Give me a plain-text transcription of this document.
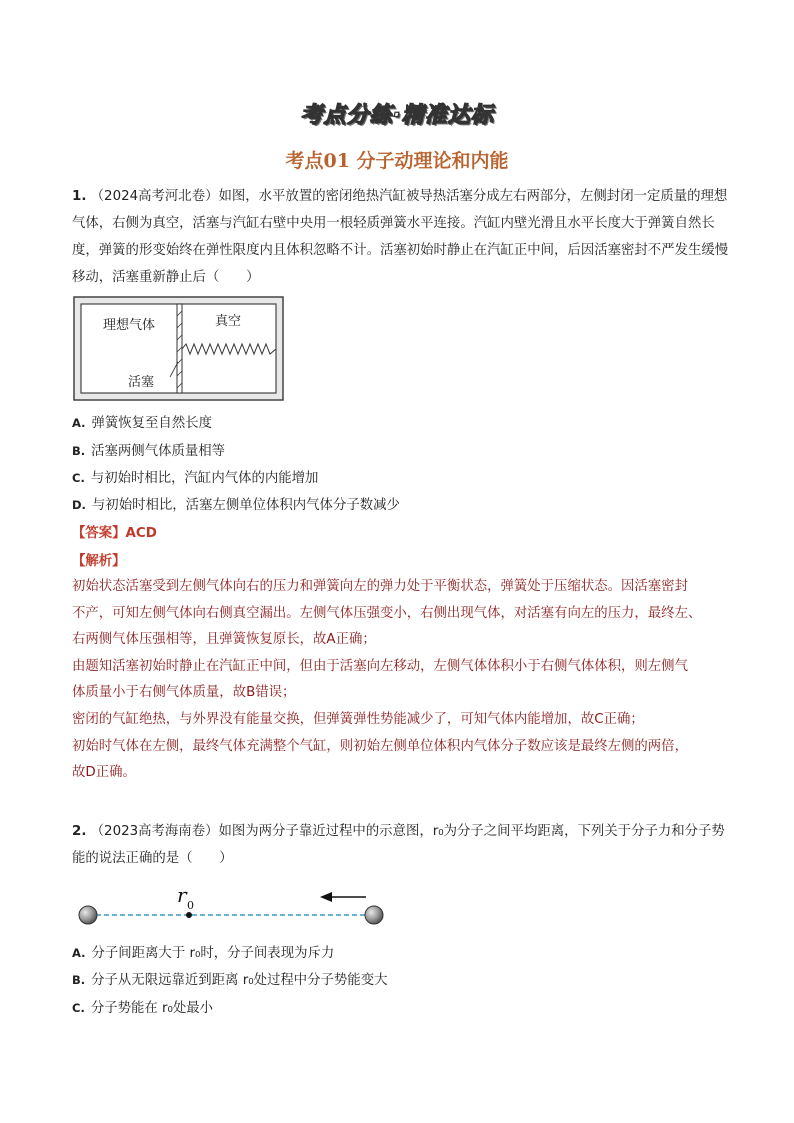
考点分练·精准达标
考点01 分子动理论和内能

1. （2024高考河北卷）如图，水平放置的密闭绝热汽缸被导热活塞分成左右两部分，左侧封闭一定质量的理想气体，右侧为真空，活塞与汽缸右壁中央用一根轻质弹簧水平连接。汽缸内壁光滑且水平长度大于弹簧自然长度，弹簧的形变始终在弹性限度内且体积忽略不计。活塞初始时静止在汽缸正中间，后因活塞密封不严发生缓慢移动，活塞重新静止后（　　）

理想气体	真空
活塞
A. 弹簧恢复至自然长度
B. 活塞两侧气体质量相等
C. 与初始时相比，汽缸内气体的内能增加
D. 与初始时相比，活塞左侧单位体积内气体分子数减少
【答案】ACD
【解析】
初始状态活塞受到左侧气体向右的压力和弹簧向左的弹力处于平衡状态，弹簧处于压缩状态。因活塞密封
不产，可知左侧气体向右侧真空漏出。左侧气体压强变小，右侧出现气体，对活塞有向左的压力，最终左、
右两侧气体压强相等，且弹簧恢复原长，故A正确；
由题知活塞初始时静止在汽缸正中间，但由于活塞向左移动，左侧气体体积小于右侧气体体积，则左侧气
体质量小于右侧气体质量，故B错误；
密闭的气缸绝热，与外界没有能量交换，但弹簧弹性势能减少了，可知气体内能增加，故C正确；
初始时气体在左侧，最终气体充满整个气缸，则初始左侧单位体积内气体分子数应该是最终左侧的两倍，
故D正确。

2. （2023高考海南卷）如图为两分子靠近过程中的示意图，r₀为分子之间平均距离，下列关于分子力和分子势能的说法正确的是（　　）

r 0
A. 分子间距离大于 r₀时，分子间表现为斥力
B. 分子从无限远靠近到距离 r₀处过程中分子势能变大
C. 分子势能在 r₀处最小
